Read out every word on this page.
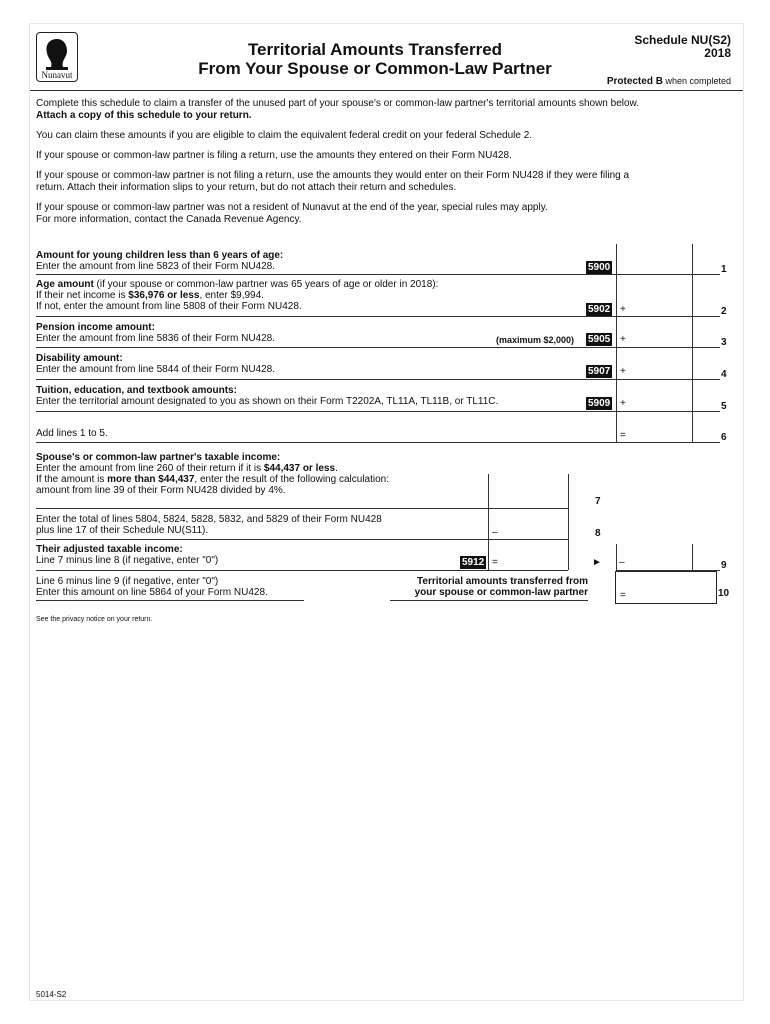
Nunavut
Territorial Amounts Transferred
From Your Spouse or Common-Law Partner
Schedule NU(S2)
2018
Protected B when completed
Complete this schedule to claim a transfer of the unused part of your spouse's or common-law partner's territorial amounts shown below.
Attach a copy of this schedule to your return.
You can claim these amounts if you are eligible to claim the equivalent federal credit on your federal Schedule 2.
If your spouse or common-law partner is filing a return, use the amounts they entered on their Form NU428.
If your spouse or common-law partner is not filing a return, use the amounts they would enter on their Form NU428 if they were filing a
return. Attach their information slips to your return, but do not attach their return and schedules.
If your spouse or common-law partner was not a resident of Nunavut at the end of the year, special rules may apply.
For more information, contact the Canada Revenue Agency.
Amount for young children less than 6 years of age:
Enter the amount from line 5823 of their Form NU428.	5900	1
Age amount (if your spouse or common-law partner was 65 years of age or older in 2018):
If their net income is $36,976 or less, enter $9,994.
If not, enter the amount from line 5808 of their Form NU428.	5902 +	2
Pension income amount:
Enter the amount from line 5836 of their Form NU428.	(maximum $2,000) 5905 +	3
Disability amount:
Enter the amount from line 5844 of their Form NU428.	5907 +	4
Tuition, education, and textbook amounts:
Enter the territorial amount designated to you as shown on their Form T2202A, TL11A, TL11B, or TL11C.	5909 +	5
Add lines 1 to 5.	=	6
Spouse's or common-law partner's taxable income:
Enter the amount from line 260 of their return if it is $44,437 or less.
If the amount is more than $44,437, enter the result of the following calculation:
amount from line 39 of their Form NU428 divided by 4%.
7
Enter the total of lines 5804, 5824, 5828, 5832, and 5829 of their Form NU428
plus line 17 of their Schedule NU(S11).	–	8
Their adjusted taxable income:
Line 7 minus line 8 (if negative, enter "0")	5912 =	► –	9
Line 6 minus line 9 (if negative, enter "0")
Enter this amount on line 5864 of your Form NU428.
Territorial amounts transferred from
your spouse or common-law partner	=	10
See the privacy notice on your return.
5014-S2
